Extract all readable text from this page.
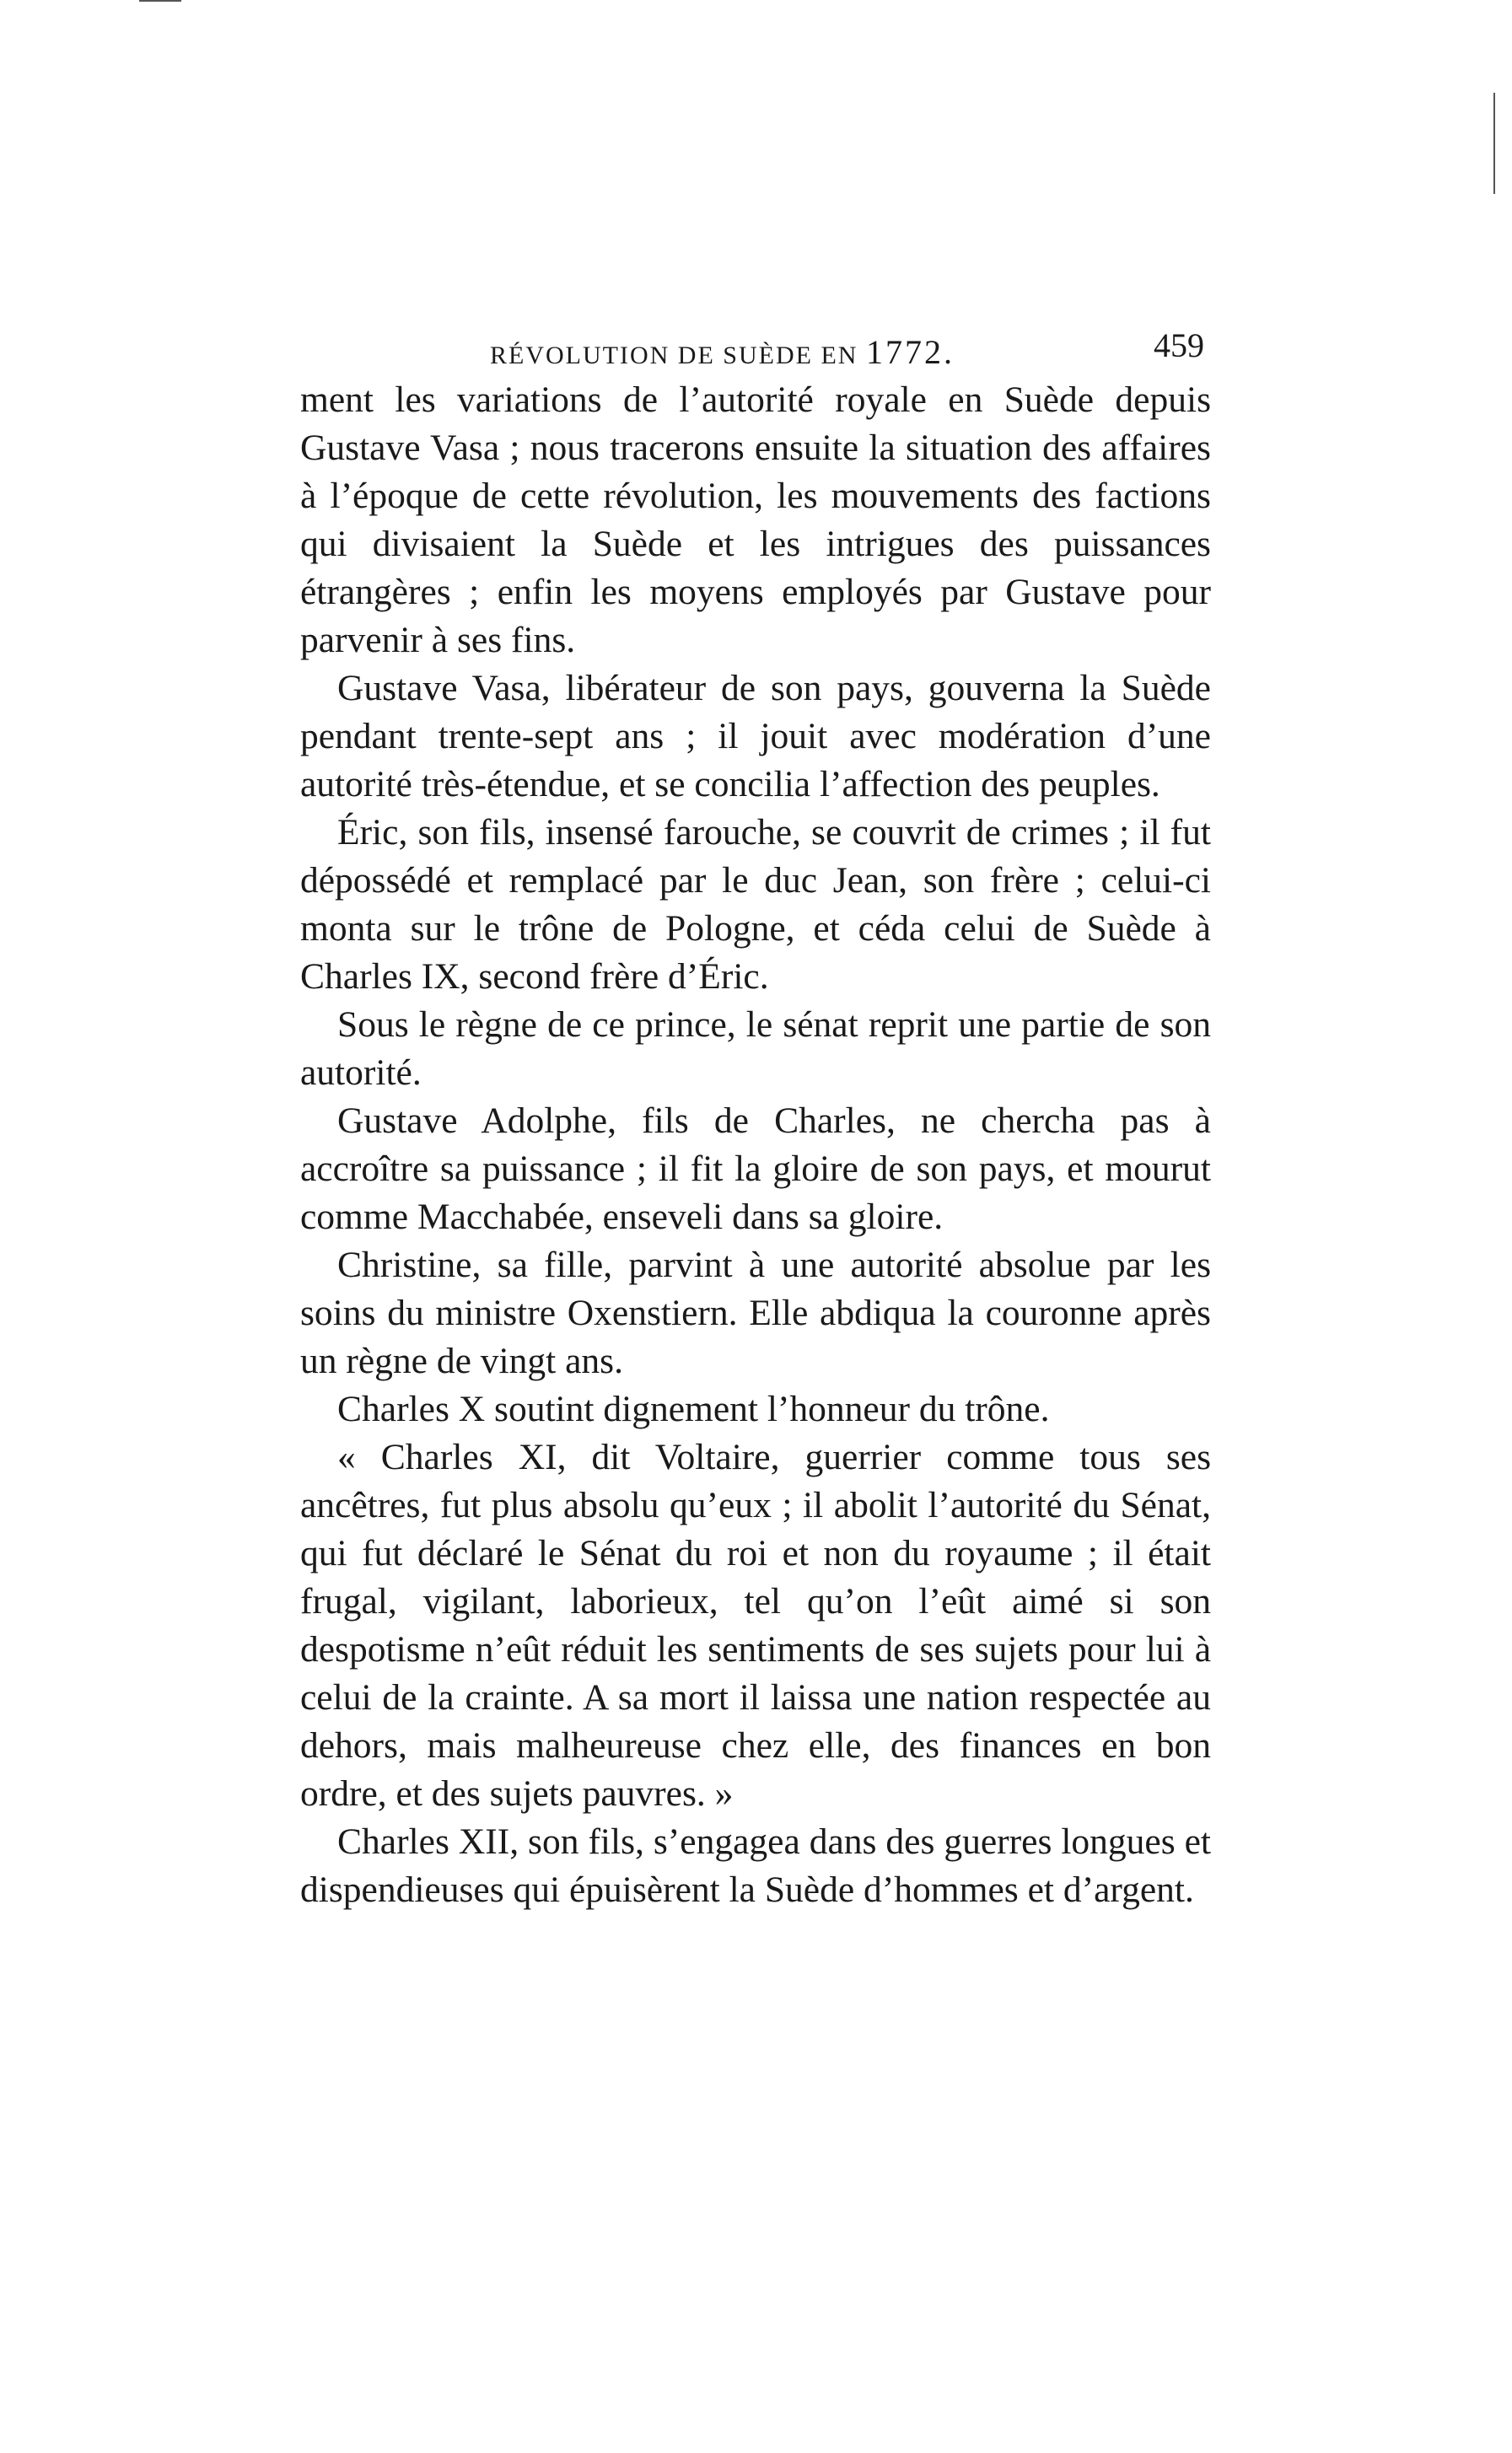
RÉVOLUTION DE SUÈDE EN 1772.	459

ment les variations de l’autorité royale en Suède depuis Gustave Vasa ; nous tracerons ensuite la situation des affaires à l’époque de cette révolution, les mouvements des factions qui divisaient la Suède et les intrigues des puissances étrangères ; enfin les moyens employés par Gustave pour parvenir à ses fins.

Gustave Vasa, libérateur de son pays, gouverna la Suède pendant trente-sept ans ; il jouit avec modération d’une autorité très-étendue, et se concilia l’affection des peuples.

Éric, son fils, insensé farouche, se couvrit de crimes ; il fut dépossédé et remplacé par le duc Jean, son frère ; celui-ci monta sur le trône de Pologne, et céda celui de Suède à Charles IX, second frère d’Éric.

Sous le règne de ce prince, le sénat reprit une partie de son autorité.

Gustave Adolphe, fils de Charles, ne chercha pas à accroître sa puissance ; il fit la gloire de son pays, et mourut comme Macchabée, enseveli dans sa gloire.

Christine, sa fille, parvint à une autorité absolue par les soins du ministre Oxenstiern. Elle abdiqua la couronne après un règne de vingt ans.

Charles X soutint dignement l’honneur du trône.

« Charles XI, dit Voltaire, guerrier comme tous ses ancêtres, fut plus absolu qu’eux ; il abolit l’autorité du Sénat, qui fut déclaré le Sénat du roi et non du royaume ; il était frugal, vigilant, laborieux, tel qu’on l’eût aimé si son despotisme n’eût réduit les sentiments de ses sujets pour lui à celui de la crainte. A sa mort il laissa une nation respectée au dehors, mais malheureuse chez elle, des finances en bon ordre, et des sujets pauvres. »

Charles XII, son fils, s’engagea dans des guerres longues et dispendieuses qui épuisèrent la Suède d’hommes et d’argent.
